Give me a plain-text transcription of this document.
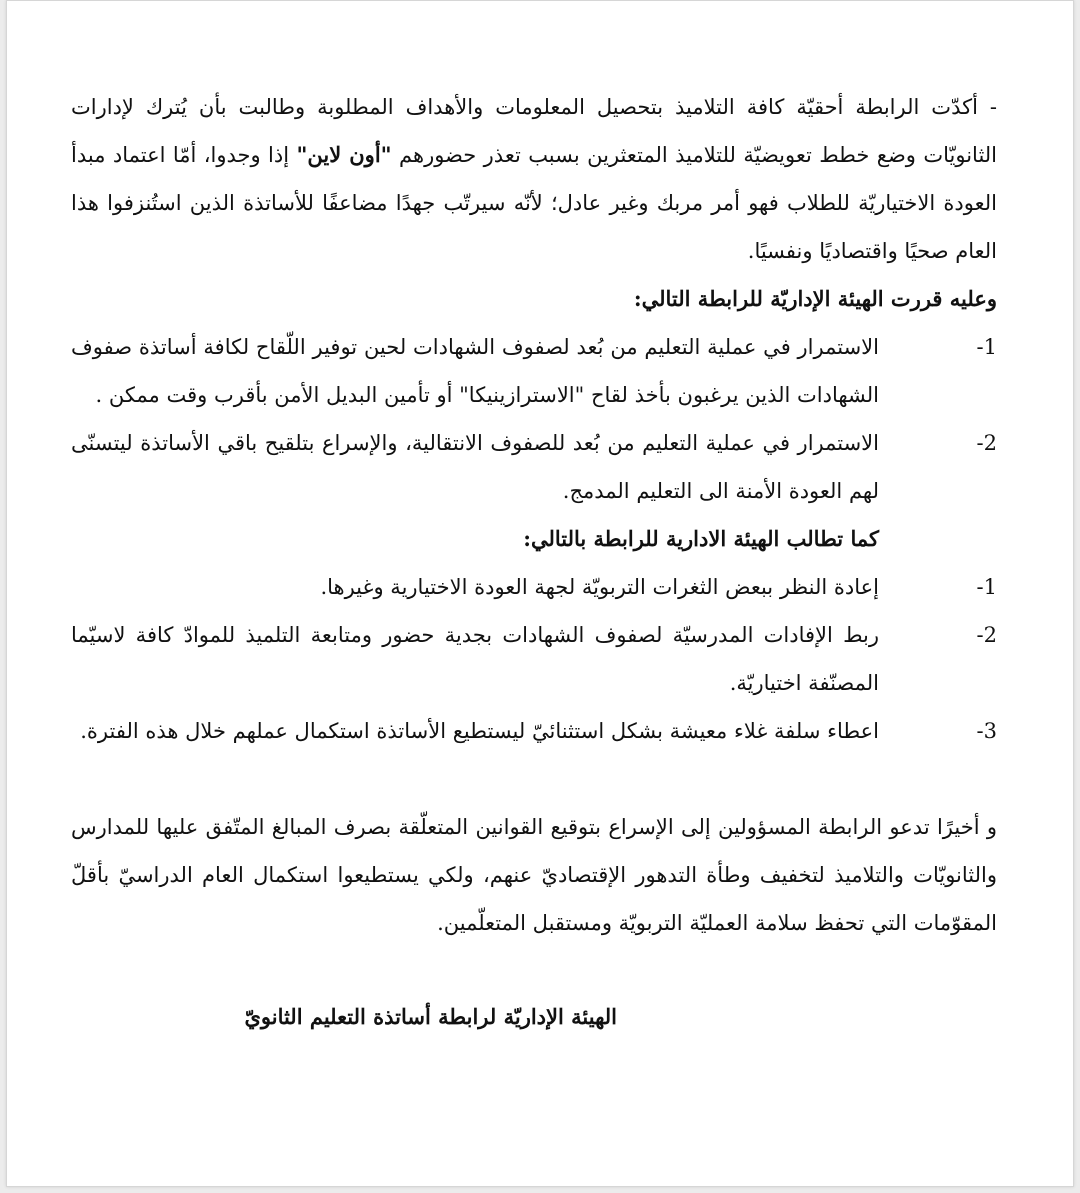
- أكدّت الرابطة أحقيّة كافة التلاميذ بتحصيل المعلومات والأهداف المطلوبة وطالبت بأن يُترك لإدارات الثانويّات وضع خطط تعويضيّة للتلاميذ المتعثرين بسبب تعذر حضورهم "أون لاين" إذا وجدوا، أمّا اعتماد مبدأ العودة الاختياريّة للطلاب فهو أمر مربك وغير عادل؛ لأنّه سيرتّب جهدًا مضاعفًا للأساتذة الذين استُنزفوا هذا العام صحيًا واقتصاديًا ونفسيًا.

وعليه قررت الهيئة الإداريّة للرابطة التالي:

1-
الاستمرار في عملية التعليم من بُعد لصفوف الشهادات لحين توفير اللّقاح لكافة أساتذة صفوف الشهادات الذين يرغبون بأخذ لقاح "الاسترازينيكا" أو تأمين البديل الأمن بأقرب وقت ممكن .

2-
الاستمرار في عملية التعليم من بُعد للصفوف الانتقالية، والإسراع بتلقيح باقي الأساتذة ليتسنّى لهم العودة الأمنة الى التعليم المدمج.

كما تطالب الهيئة الادارية للرابطة بالتالي:

1-
إعادة النظر ببعض الثغرات التربويّة لجهة العودة الاختيارية وغيرها.

2-
ربط الإفادات المدرسيّة لصفوف الشهادات بجدية حضور ومتابعة التلميذ للموادّ كافة لاسيّما المصنّفة اختياريّة.

3-
اعطاء سلفة غلاء معيشة بشكل استثنائيّ ليستطيع الأساتذة استكمال عملهم خلال هذه الفترة.

و أخيرًا تدعو الرابطة المسؤولين إلى الإسراع بتوقيع القوانين المتعلّقة بصرف المبالغ المتّفق عليها للمدارس والثانويّات والتلاميذ لتخفيف وطأة التدهور الإقتصاديّ عنهم، ولكي يستطيعوا استكمال العام الدراسيّ بأقلّ المقوّمات التي تحفظ سلامة العمليّة التربويّة ومستقبل المتعلّمين.

الهيئة الإداريّة لرابطة أساتذة التعليم الثانويّ
